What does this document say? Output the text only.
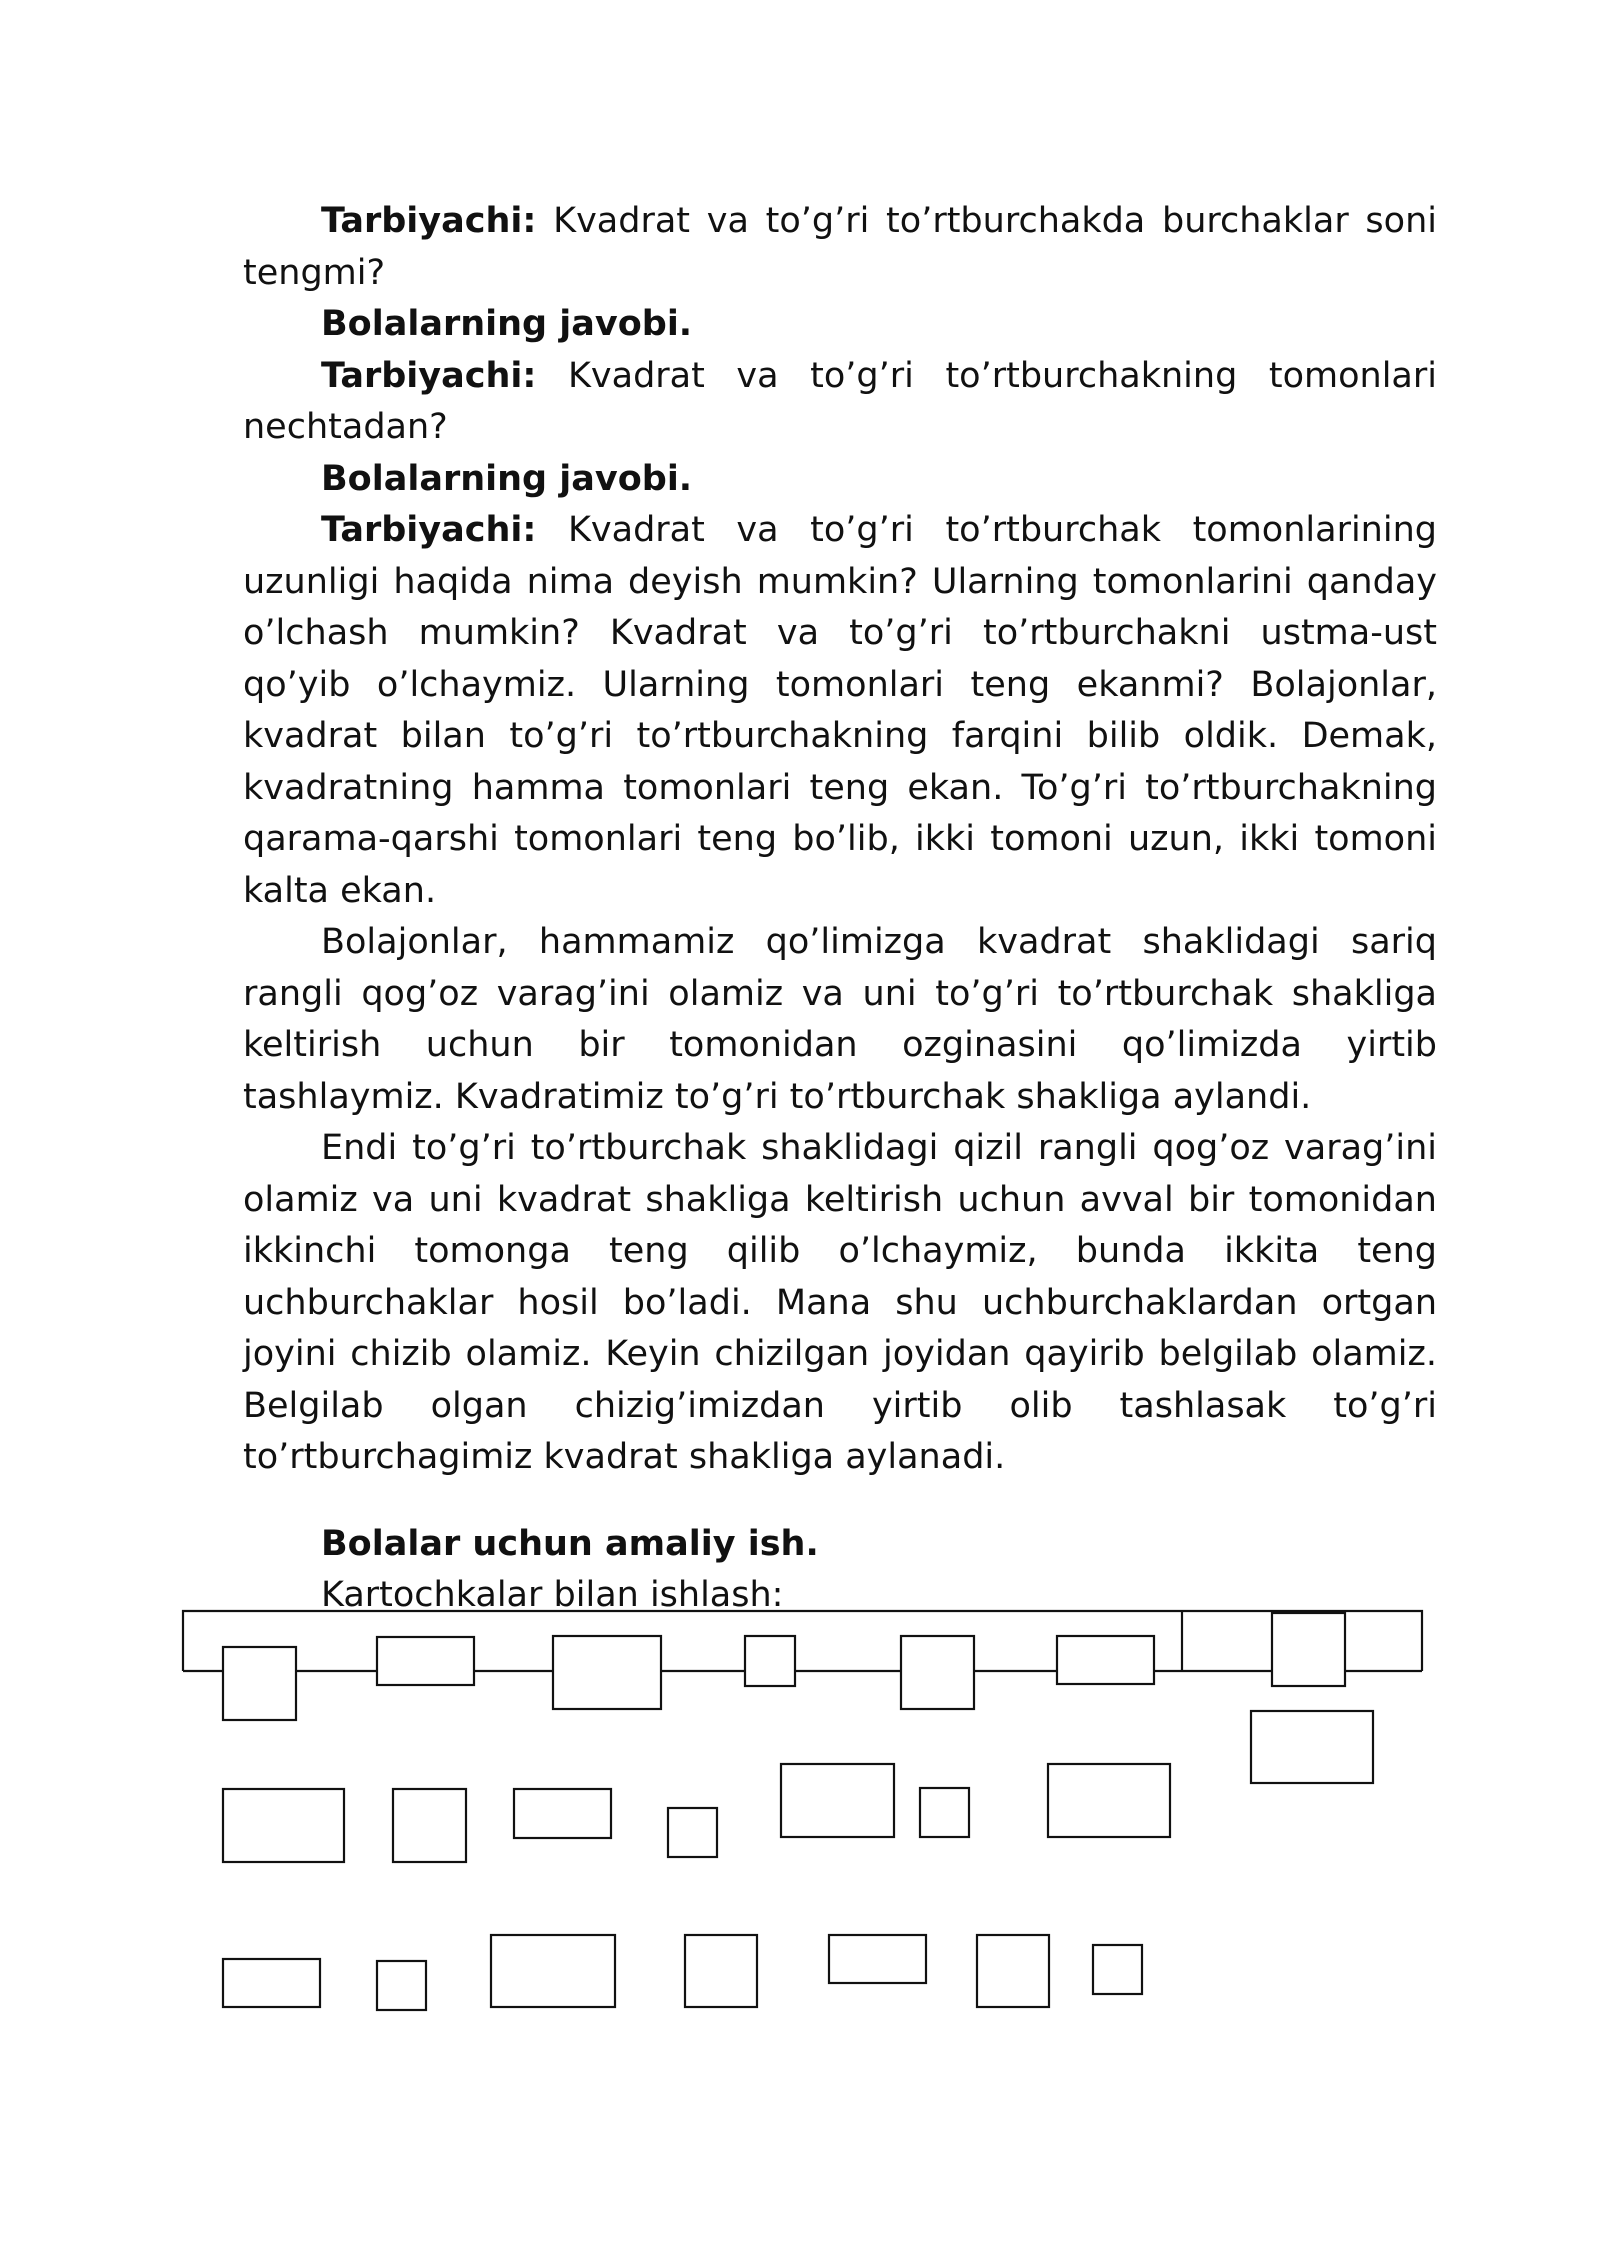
Tarbiyachi: Kvadrat va to’g’ri to’rtburchakda burchaklar soni tengmi?

Bolalarning javobi.

Tarbiyachi: Kvadrat va to’g’ri to’rtburchakning tomonlari nechtadan?

Bolalarning javobi.

Tarbiyachi: Kvadrat va to’g’ri to’rtburchak tomonlarining uzunligi haqida nima deyish mumkin? Ularning tomonlarini qanday o’lchash mumkin? Kvadrat va to’g’ri to’rtburchakni ustma-ust qo’yib o’lchaymiz. Ularning tomonlari teng ekanmi? Bolajonlar, kvadrat bilan to’g’ri to’rtburchakning farqini bilib oldik. Demak, kvadratning hamma tomonlari teng ekan. To’g’ri to’rtburchakning qarama-qarshi tomonlari teng bo’lib, ikki tomoni uzun, ikki tomoni kalta ekan.

Bolajonlar, hammamiz qo’limizga kvadrat shaklidagi sariq rangli qog’oz varag’ini olamiz va uni to’g’ri to’rtburchak shakliga keltirish uchun bir tomonidan ozginasini qo’limizda yirtib tashlaymiz. Kvadratimiz to’g’ri to’rtburchak shakliga aylandi.

Endi to’g’ri to’rtburchak shaklidagi qizil rangli qog’oz varag’ini olamiz va uni kvadrat shakliga keltirish uchun avval bir tomonidan ikkinchi tomonga teng qilib o’lchaymiz, bunda ikkita teng uchburchaklar hosil bo’ladi. Mana shu uchburchaklardan ortgan joyini chizib olamiz. Keyin chizilgan joyidan qayirib belgilab olamiz. Belgilab olgan chizig’imizdan yirtib olib tashlasak to’g’ri to’rtburchagimiz kvadrat shakliga aylanadi.

Bolalar uchun amaliy ish.

Kartochkalar bilan ishlash:
